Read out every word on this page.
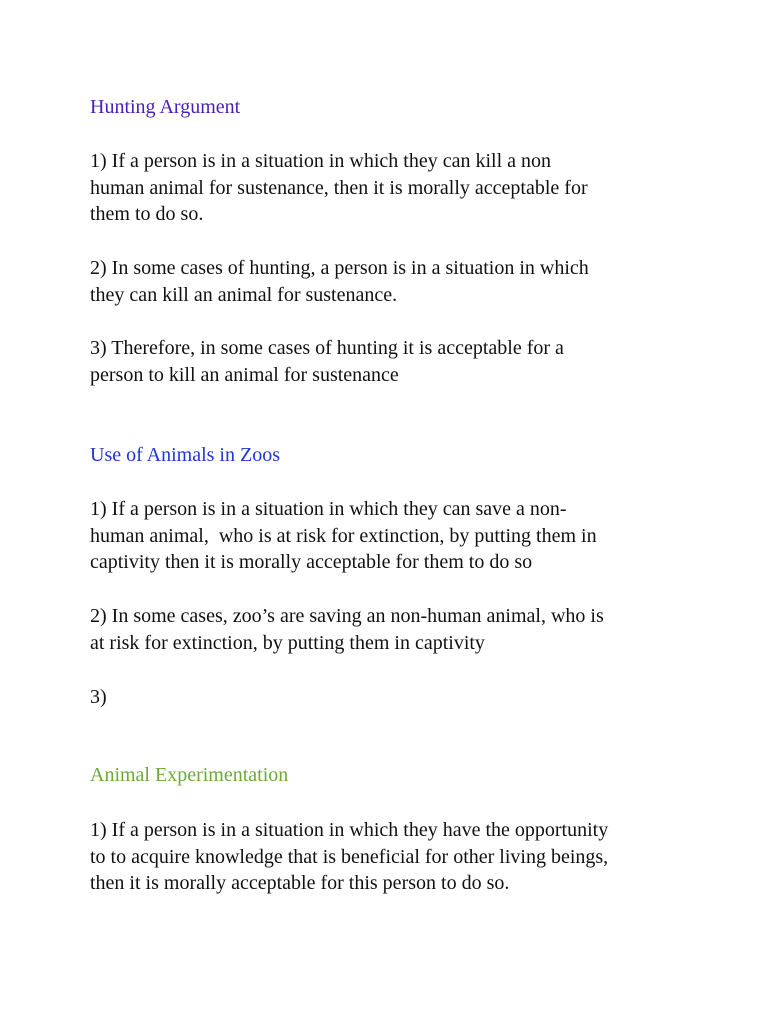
Hunting Argument
1) If a person is in a situation in which they can kill a non
human animal for sustenance, then it is morally acceptable for
them to do so.
2) In some cases of hunting, a person is in a situation in which
they can kill an animal for sustenance.
3) Therefore, in some cases of hunting it is acceptable for a
person to kill an animal for sustenance
Use of Animals in Zoos
1) If a person is in a situation in which they can save a non-
human animal,  who is at risk for extinction, by putting them in
captivity then it is morally acceptable for them to do so
2) In some cases, zoo’s are saving an non-human animal, who is
at risk for extinction, by putting them in captivity
3)
Animal Experimentation
1) If a person is in a situation in which they have the opportunity
to to acquire knowledge that is beneficial for other living beings,
then it is morally acceptable for this person to do so.
